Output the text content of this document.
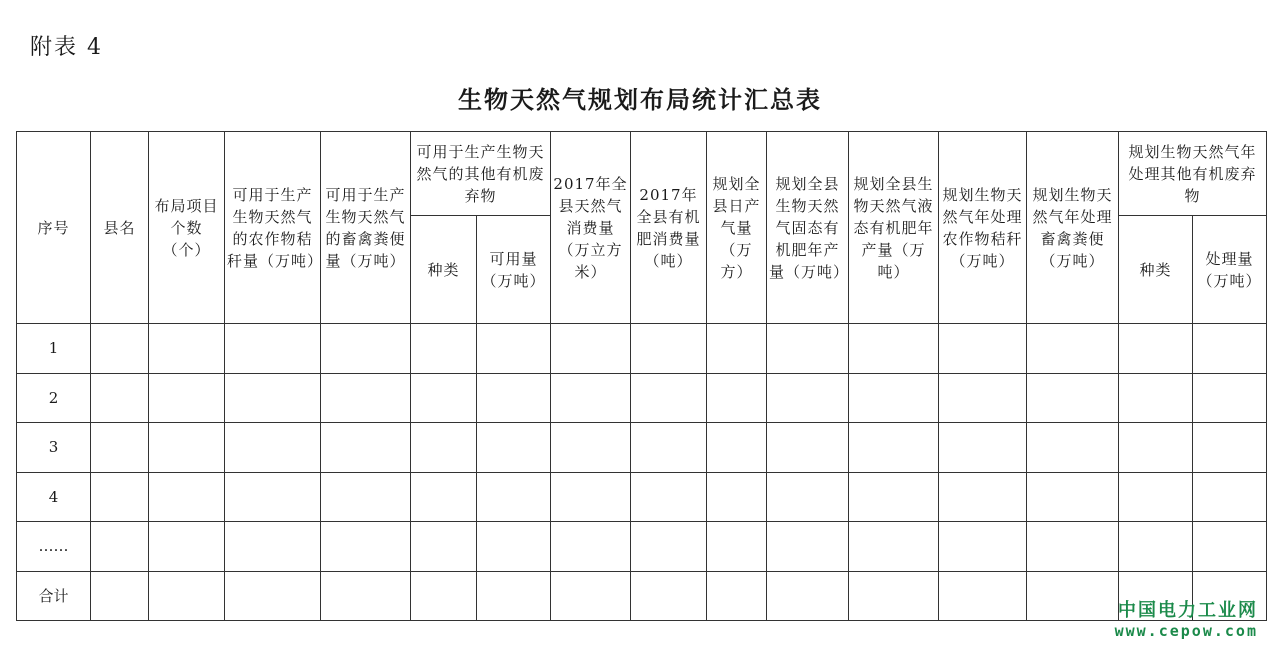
附表 4
生物天然气规划布局统计汇总表
序号	县名	布局项目个数（个）	可用于生产生物天然气的农作物秸秆量（万吨）	可用于生产生物天然气的畜禽粪便量（万吨）	可用于生产生物天然气的其他有机废弃物		2017年全县天然气消费量（万立方米）	2017年全县有机肥消费量（吨）	规划全县日产气量（万方）	规划全县生物天然气固态有机肥年产量（万吨）	规划全县生物天然气液态有机肥年产量（万吨）	规划生物天然气年处理农作物秸秆（万吨）	规划生物天然气年处理畜禽粪便（万吨）	规划生物天然气年处理其他有机废弃物	
					种类	可用量（万吨）								种类	处理量（万吨）
1															
2															
3															
4															
……															
合计															
中国电力工业网
www.cepow.com
